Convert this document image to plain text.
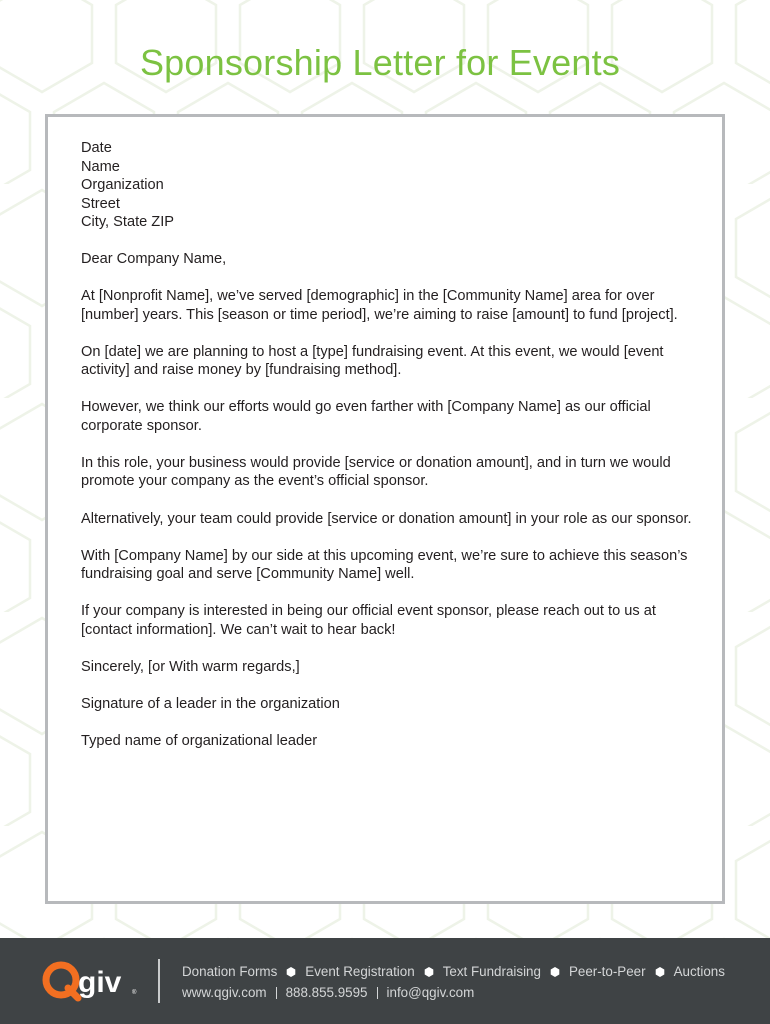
Sponsorship Letter for Events
Date
Name
Organization
Street
City, State ZIP

Dear Company Name,

At [Nonprofit Name], we’ve served [demographic] in the [Community Name] area for over [number] years. This [season or time period], we’re aiming to raise [amount] to fund [project].

On [date] we are planning to host a [type] fundraising event. At this event, we would [event activity] and raise money by [fundraising method].

However, we think our efforts would go even farther with [Company Name] as our official corporate sponsor.

In this role, your business would provide [service or donation amount], and in turn we would promote your company as the event’s official sponsor.

Alternatively, your team could provide [service or donation amount] in your role as our sponsor.

With [Company Name] by our side at this upcoming event, we’re sure to achieve this season’s fundraising goal and serve [Community Name] well.

If your company is interested in being our official event sponsor, please reach out to us at [contact information]. We can’t wait to hear back!

Sincerely, [or With warm regards,]

Signature of a leader in the organization

Typed name of organizational leader

giv ®
Donation Forms Event Registration Text Fundraising Peer-to-Peer Auctions
www.qgiv.com 888.855.9595 info@qgiv.com
